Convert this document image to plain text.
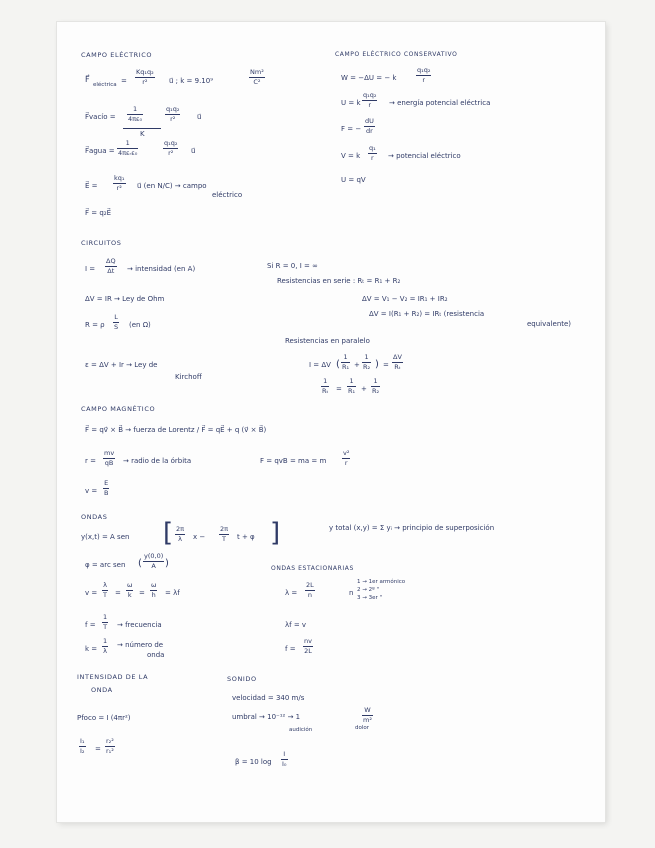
CAMPO ELÉCTRICO
F⃗
eléctrica = $\frac{\text{Kq₁q₂}}{\text{r²}}$ u⃗ ; k = 9.10⁹	$\frac{\text{Nm²}}{\text{C²}}$
F⃗vacío = $\frac{1}{\text{4πε₀}}$	$\frac{\text{q₁q₂}}{\text{r²}}$ u⃗
K
F⃗agua =
1
4πεᵣε₀	$\frac{\text{q₁q₂}}{\text{r²}}$ u⃗
E⃗ = $\frac{\text{kq₁}}{\text{r²}}$ u⃗ (en N/C) → campo
eléctrico
F⃗ = q₂E⃗
CAMPO ELÉCTRICO CONSERVATIVO
W = −ΔU = − k	$\frac{\text{q₁q₂}}{r}$
U = k $\frac{\text{q₁q₂}}{r}$ → energía potencial eléctrica
F = − $\frac{dU}{dr}$
V = k $\frac{\text{q₁}}{r}$ → potencial eléctrico
U = qV
CIRCUITOS
$I = \frac{\Delta Q}{\Delta t}$ → intensidad (en A)	Si R = 0, I = ∞
Resistencias en serie : Rₜ = R₁ + R₂
ΔV = IR → Ley de Ohm	ΔV = V₁ − V₂ = IR₁ + IR₂
ΔV = I(R₁ + R₂) = IRₜ (resistencia
equivalente)
R = ρ $\frac{L}{S} (en$ Ω)
Resistencias en paralelo
ε = ΔV + Ir → Ley de
Kirchoff
I = ΔV ( $\frac{1}{\text{R₁}} + \frac{1}{\text{R₂}}$ ) = $\frac{\Delta V}{\text{Rₜ}}$
$\frac{1}{\text{Rₜ}} = \frac{1}{\text{R₁}} + \frac{1}{\text{R₂}}$
CAMPO MAGNÉTICO
F⃗ = qv⃗ × B⃗ → fuerza de Lorentz / F⃗ = qE⃗ + q (v⃗ × B⃗)
$r = \frac{mv}{qB}$ → radio de la órbita	F = qvB = ma = m $\frac{\text{v²}}{r}$
$v = \frac{E}{B}$
ONDAS
y(x,t) = A sen [ $\frac{2\pi}{\lambda}$ $x - \frac{2\pi}{T}$ t + φ ]	y total (x,y) = Σ yᵢ → principio de superposición
φ = arc sen ( $\frac{y(0,0)}{A}$ )	ONDAS ESTACIONARIAS
$v = \frac{\lambda}{T} = \frac{\omega}{k} = \frac{\omega}{h} = \lambda f$	$\lambda = \frac{2L}{n}$	n
1 → 1er armónico
2 → 2º ''
3 → 3er ''
$f = \frac{1}{T}$ → frecuencia	λf = v
$k = \frac{1}{\lambda}$ → número de
onda
$f = \frac{nv}{2L}$
INTENSIDAD DE LA
ONDA
Pfoco = I (4πr²)
$\frac{\text{I₁}}{\text{I₂}} = \frac{\text{r₂²}}{\text{r₁²}}$
SONIDO
velocidad = 340 m/s
umbral → 10⁻¹² → 1	$\frac{W}{\text{m²}}$
audición	dolor
β = 10 $\log \frac{I}{\text{I₀}}$
